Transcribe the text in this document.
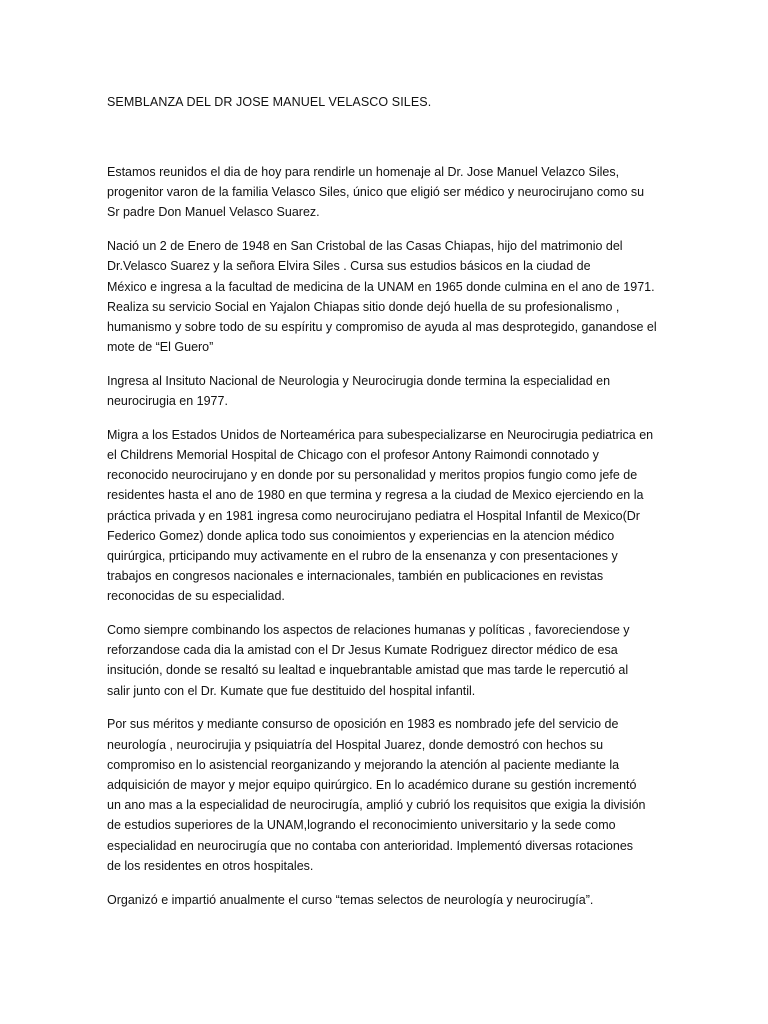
SEMBLANZA DEL DR JOSE MANUEL VELASCO SILES.

Estamos reunidos el dia de hoy para rendirle un homenaje al Dr. Jose Manuel Velazco Siles,
progenitor varon de la familia Velasco Siles, único que eligió ser médico y neurocirujano como su
Sr padre Don Manuel Velasco Suarez.

Nació un 2 de Enero de 1948 en San Cristobal de las Casas Chiapas, hijo del matrimonio del
Dr.Velasco Suarez y la señora Elvira Siles . Cursa sus estudios básicos en la ciudad de
México e ingresa a la facultad de medicina de la UNAM en 1965 donde culmina en el ano de 1971.
Realiza su servicio Social en Yajalon Chiapas sitio donde dejó huella de su profesionalismo ,
humanismo y sobre todo de su espíritu y compromiso de ayuda al mas desprotegido, ganandose el
mote de “El Guero”

Ingresa al Insituto Nacional de Neurologia y Neurocirugia donde termina la especialidad en
neurocirugia en 1977.

Migra a los Estados Unidos de Norteamérica para subespecializarse en Neurocirugia pediatrica en
el Childrens Memorial Hospital de Chicago con el profesor Antony Raimondi connotado y
reconocido neurocirujano y en donde por su personalidad y meritos propios fungio como jefe de
residentes hasta el ano de 1980 en que termina y regresa a la ciudad de Mexico ejerciendo en la
práctica privada y en 1981 ingresa como neurocirujano pediatra el Hospital Infantil de Mexico(Dr
Federico Gomez) donde aplica todo sus conoimientos y experiencias en la atencion médico
quirúrgica, prticipando muy activamente en el rubro de la ensenanza y con presentaciones y
trabajos en congresos nacionales e internacionales, también en publicaciones en revistas
reconocidas de su especialidad.

Como siempre combinando los aspectos de relaciones humanas y políticas , favoreciendose y
reforzandose cada dia la amistad con el Dr Jesus Kumate Rodriguez director médico de esa
insitución, donde se resaltó su lealtad e inquebrantable amistad que mas tarde le repercutió al
salir junto con el Dr. Kumate que fue destituido del hospital infantil.

Por sus méritos y mediante consurso de oposición en 1983 es nombrado jefe del servicio de
neurología , neurocirujia y psiquiatría del Hospital Juarez, donde demostró con hechos su
compromiso en lo asistencial reorganizando y mejorando la atención al paciente mediante la
adquisición de mayor y mejor equipo quirúrgico. En lo académico durane su gestión incrementó
un ano mas a la especialidad de neurocirugía, amplió y cubrió los requisitos que exigia la división
de estudios superiores de la UNAM,logrando el reconocimiento universitario y la sede como
especialidad en neurocirugía que no contaba con anterioridad. Implementó diversas rotaciones
de los residentes en otros hospitales.

Organizó e impartió anualmente el curso “temas selectos de neurología y neurocirugía”.
